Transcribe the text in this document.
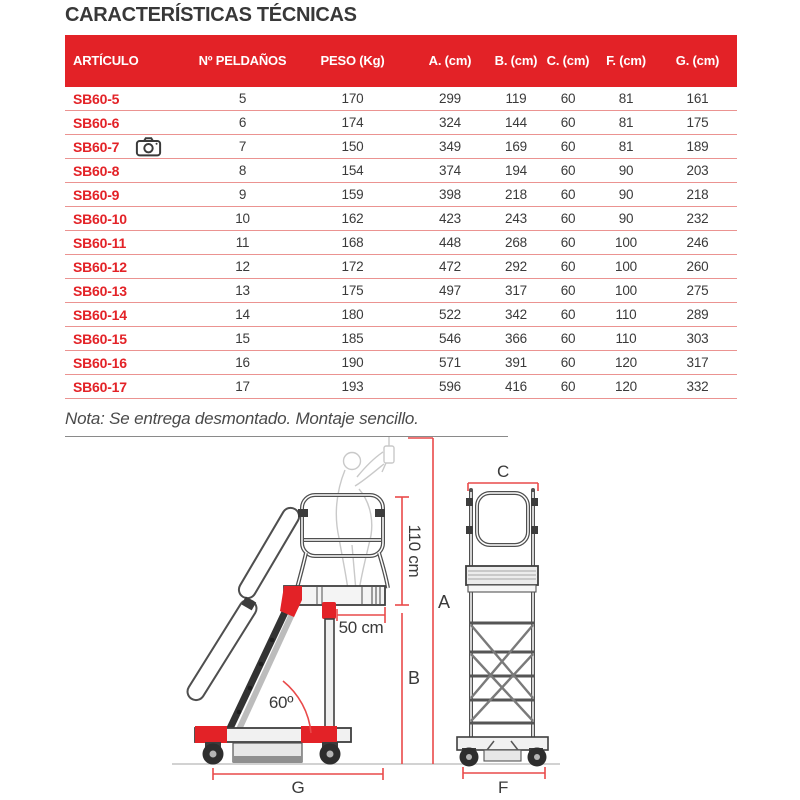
CARACTERÍSTICAS TÉCNICAS
ARTÍCULO	Nº PELDAÑOS	PESO (Kg)	A. (cm)	B. (cm)	C. (cm)	F. (cm)	G. (cm)

SB60-5	5	170	299	119	60	81	161

SB60-6	6	174	324	144	60	81	175

SB60-7	7	150	349	169	60	81	189

SB60-8	8	154	374	194	60	90	203

SB60-9	9	159	398	218	60	90	218

SB60-10	10	162	423	243	60	90	232

SB60-11	11	168	448	268	60	100	246

SB60-12	12	172	472	292	60	100	260

SB60-13	13	175	497	317	60	100	275

SB60-14	14	180	522	342	60	110	289

SB60-15	15	185	546	366	60	110	303

SB60-16	16	190	571	391	60	120	317

SB60-17	17	193	596	416	60	120	332

Nota: Se entrega desmontado. Montaje sencillo.

110 cm
B
A
50 cm
60º
G
C
F
